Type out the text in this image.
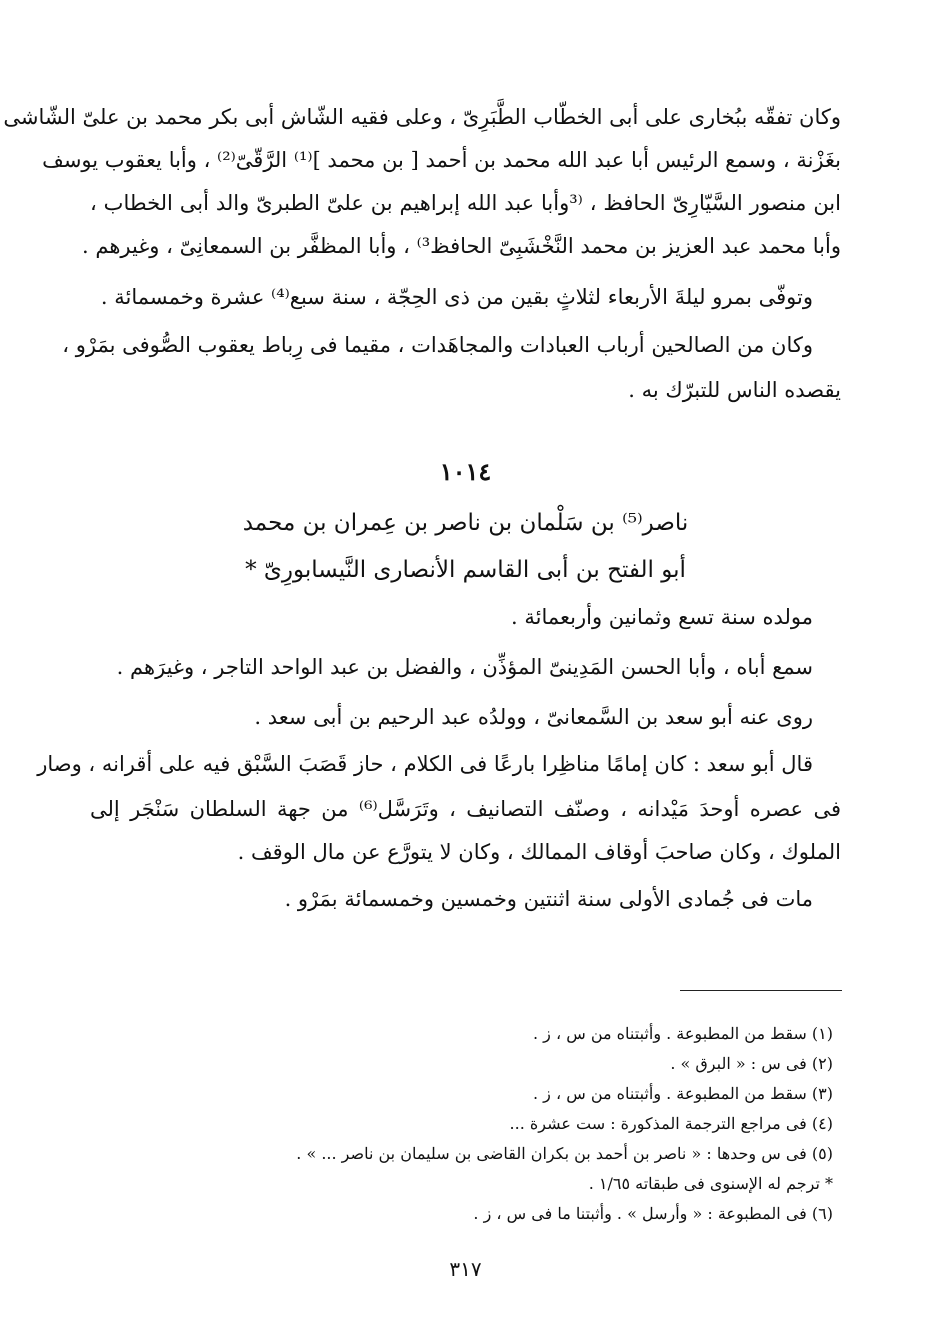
وكان تفقّه ببُخارى على أبى الخطّاب الطَّبَرِىّ ، وعلى فقيه الشّاش أبى بكر محمد بن علىّ الشّاشى
بغَزْنة ، وسمع الرئيس أبا عبد الله محمد بن أحمد [ بن محمد ]⁽¹⁾ الرَّقّىّ⁽²⁾ ، وأبا يعقوب يوسف
ابن منصور السَّيّارِىّ الحافظ ، ⁽³وأبا عبد الله إبراهيم بن علىّ الطبرىّ والد أبى الخطاب ،
وأبا محمد عبد العزيز بن محمد النَّخْشَبِىّ الحافظ³⁾ ، وأبا المظفَّر بن السمعانِىّ ، وغيرهم .
وتوفّى بمرو ليلةَ الأربعاء لثلاثٍ بقين من ذى الحِجّة ، سنة سبع⁽⁴⁾ عشرة وخمسمائة .
وكان من الصالحين أرباب العبادات والمجاهَدات ، مقيما فى رِباط يعقوب الصُّوفى بمَرْو ،
يقصده الناس للتبرّك به .
١٠١٤
ناصر⁽⁵⁾ بن سَلْمان بن ناصر بن عِمران بن محمد
أبو الفتح بن أبى القاسم الأنصارى النَّيسابورِىّ *
مولده سنة تسع وثمانين وأربعمائة .
سمع أباه ، وأبا الحسن المَدِينىّ المؤذِّن ، والفضل بن عبد الواحد التاجر ، وغيرَهم .
روى عنه أبو سعد بن السَّمعانىّ ، وولدُه عبد الرحيم بن أبى سعد .
قال أبو سعد : كان إمامًا مناظِرا بارعًا فى الكلام ، حاز قَصَبَ السَّبْق فيه على أقرانه ، وصار
فى عصره أوحدَ مَيْدانه ، وصنّف التصانيف ، وتَرَسَّل⁽⁶⁾ من جهة السلطان سَنْجَر إلى
الملوك ، وكان صاحبَ أوقاف الممالك ، وكان لا يتورَّع عن مال الوقف .
مات فى جُمادى الأولى سنة اثنتين وخمسين وخمسمائة بمَرْو .
(١) سقط من المطبوعة . وأثبتناه من س ، ز .
(٢) فى س : « البرق » .
(٣) سقط من المطبوعة . وأثبتناه من س ، ز .
(٤) فى مراجع الترجمة المذكورة : ست عشرة ...
(٥) فى س وحدها : « ناصر بن أحمد بن بكران القاضى بن سليمان بن ناصر ... » .
* ترجم له الإسنوى فى طبقاته ١/٦٥ .
(٦) فى المطبوعة : « وأرسل » . وأثبتنا ما فى س ، ز .
٣١٧
